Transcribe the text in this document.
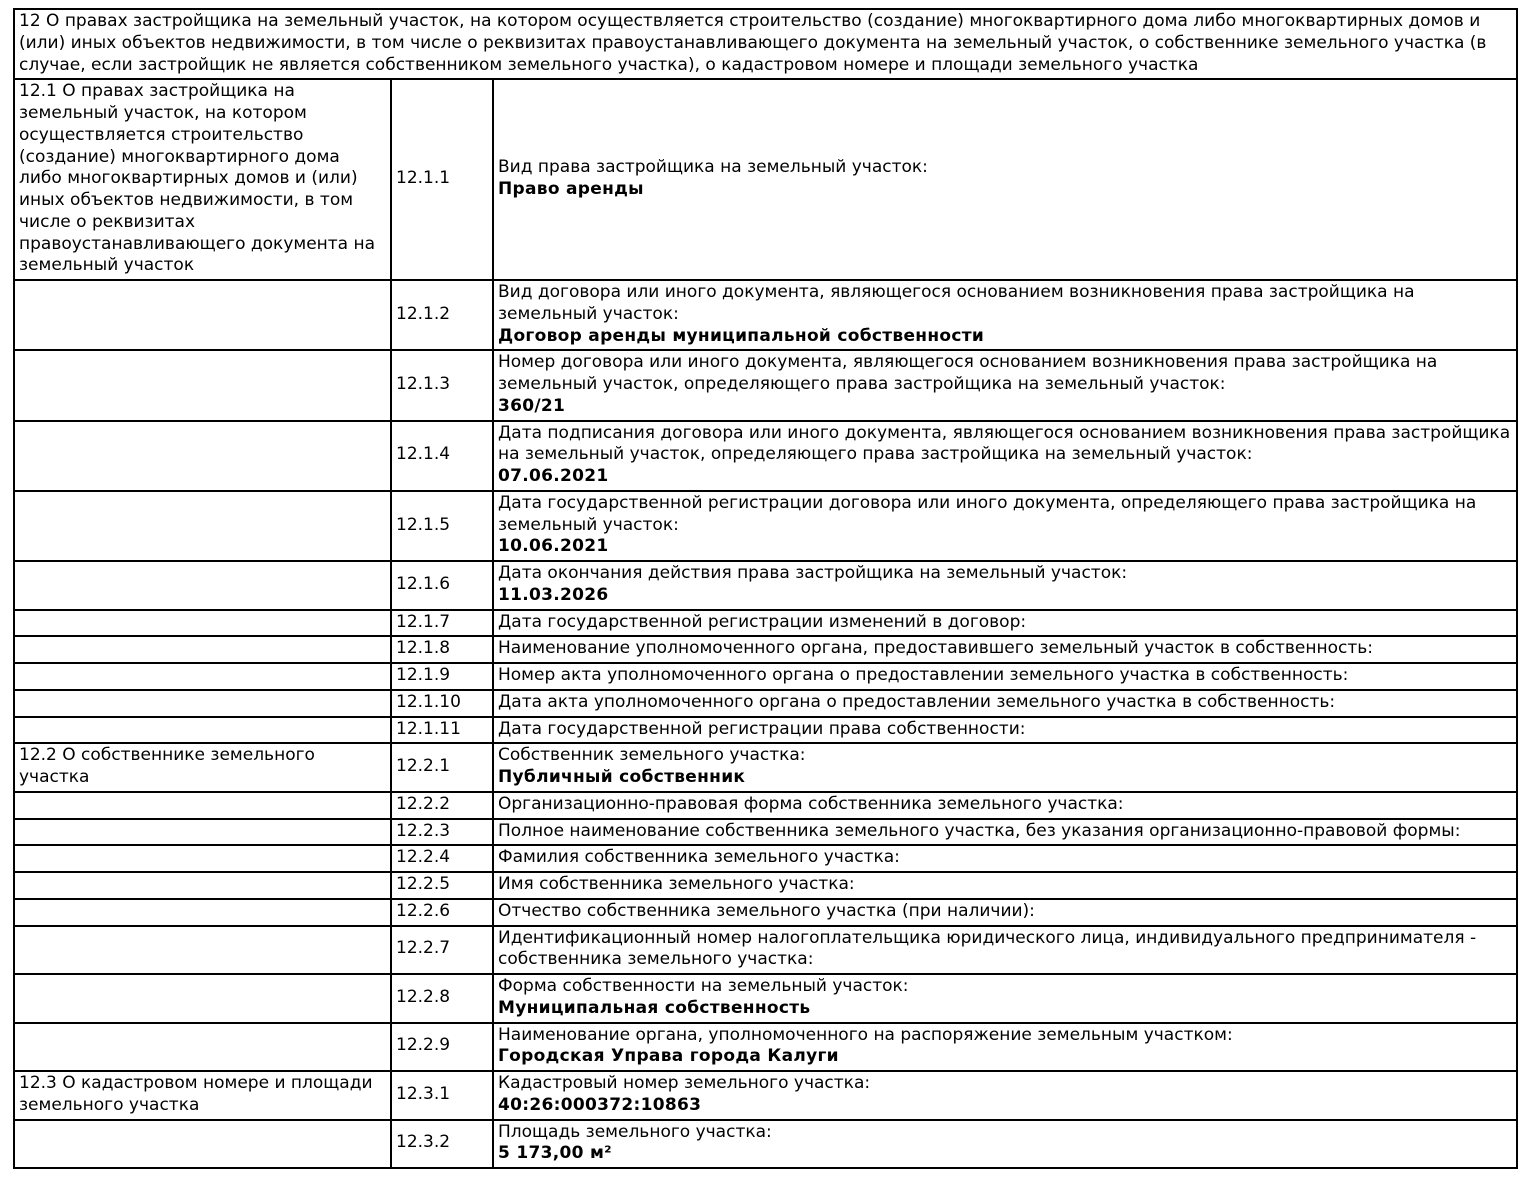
12 О правах застройщика на земельный участок, на котором осуществляется строительство (создание) многоквартирного дома либо многоквартирных домов и (или) иных объектов недвижимости, в том числе о реквизитах правоустанавливающего документа на земельный участок, о собственнике земельного участка (в случае, если застройщик не является собственником земельного участка), о кадастровом номере и площади земельного участка		
12.1 О правах застройщика на земельный участок, на котором осуществляется строительство (создание) многоквартирного дома либо многоквартирных домов и (или) иных объектов недвижимости, в том числе о реквизитах правоустанавливающего документа на земельный участок	12.1.1	Вид права застройщика на земельный участок:
Право аренды

	12.1.2	Вид договора или иного документа, являющегося основанием возникновения права застройщика на земельный участок:
Договор аренды муниципальной собственности

	12.1.3	Номер договора или иного документа, являющегося основанием возникновения права застройщика на земельный участок, определяющего права застройщика на земельный участок:
360/21

	12.1.4	Дата подписания договора или иного документа, являющегося основанием возникновения права застройщика на земельный участок, определяющего права застройщика на земельный участок:
07.06.2021

	12.1.5	Дата государственной регистрации договора или иного документа, определяющего права застройщика на земельный участок:
10.06.2021

	12.1.6	Дата окончания действия права застройщика на земельный участок:
11.03.2026

	12.1.7	Дата государственной регистрации изменений в договор:

	12.1.8	Наименование уполномоченного органа, предоставившего земельный участок в собственность:

	12.1.9	Номер акта уполномоченного органа о предоставлении земельного участка в собственность:

	12.1.10	Дата акта уполномоченного органа о предоставлении земельного участка в собственность:

	12.1.11	Дата государственной регистрации права собственности:

12.2 О собственнике земельного участка	12.2.1	Собственник земельного участка:
Публичный собственник

	12.2.2	Организационно-правовая форма собственника земельного участка:

	12.2.3	Полное наименование собственника земельного участка, без указания организационно-правовой формы:

	12.2.4	Фамилия собственника земельного участка:

	12.2.5	Имя собственника земельного участка:

	12.2.6	Отчество собственника земельного участка (при наличии):

	12.2.7	Идентификационный номер налогоплательщика юридического лица, индивидуального предпринимателя - собственника земельного участка:

	12.2.8	Форма собственности на земельный участок:
Муниципальная собственность

	12.2.9	Наименование органа, уполномоченного на распоряжение земельным участком:
Городская Управа города Калуги

12.3 О кадастровом номере и площади земельного участка	12.3.1	Кадастровый номер земельного участка:
40:26:000372:10863

	12.3.2	Площадь земельного участка:
5 173,00 м²
